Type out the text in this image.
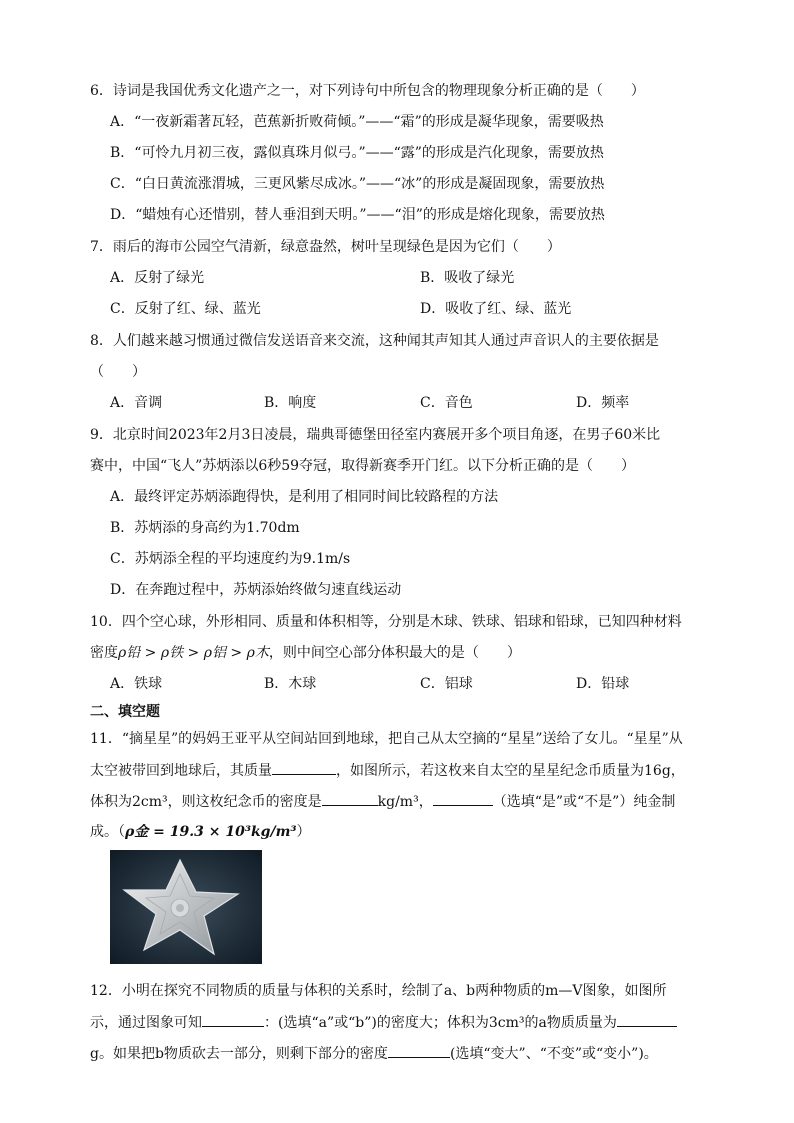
6．诗词是我国优秀文化遗产之一，对下列诗句中所包含的物理现象分析正确的是（　　）
A．“一夜新霜著瓦轻，芭蕉新折败荷倾。”——“霜”的形成是凝华现象，需要吸热
B．“可怜九月初三夜，露似真珠月似弓。”——“露”的形成是汽化现象，需要放热
C．“白日黄流涨渭城，三更风紫尽成冰。”——“冰”的形成是凝固现象，需要放热
D．“蜡烛有心还惜别，替人垂泪到天明。”——“泪”的形成是熔化现象，需要放热
7．雨后的海市公园空气清新，绿意盎然，树叶呈现绿色是因为它们（　　）
A．反射了绿光	B．吸收了绿光
C．反射了红、绿、蓝光	D．吸收了红、绿、蓝光
8．人们越来越习惯通过微信发送语音来交流，这种闻其声知其人通过声音识人的主要依据是
（　　）
A．音调	B．响度	C．音色	D．频率
9．北京时间2023年2月3日凌晨，瑞典哥德堡田径室内赛展开多个项目角逐，在男子60米比
赛中，中国“飞人”苏炳添以6秒59夺冠，取得新赛季开门红。以下分析正确的是（　　）
A．最终评定苏炳添跑得快，是利用了相同时间比较路程的方法
B．苏炳添的身高约为1.70dm
C．苏炳添全程的平均速度约为9.1m/s
D．在奔跑过程中，苏炳添始终做匀速直线运动
10．四个空心球，外形相同、质量和体积相等，分别是木球、铁球、铝球和铅球，已知四种材料
密度ρ铅 > ρ铁 > ρ铝 > ρ木，则中间空心部分体积最大的是（　　）
A．铁球	B．木球	C．铝球	D．铅球
二、填空题
11．“摘星星”的妈妈王亚平从空间站回到地球，把自己从太空摘的“星星”送给了女儿。“星星”从
太空被带回到地球后，其质量	，如图所示，若这枚来自太空的星星纪念币质量为16g，
体积为2cm³，则这枚纪念币的密度是	kg/m³，	（选填“是”或“不是”）纯金制
成。（ρ金 = 19.3 × 10³kg/m³）
12．小明在探究不同物质的质量与体积的关系时，绘制了a、b两种物质的m—V图象，如图所
示，通过图象可知	：(选填“a”或“b”)的密度大；体积为3cm³的a物质质量为
g。如果把b物质砍去一部分，则剩下部分的密度	(选填“变大”、“不变”或“变小”)。
